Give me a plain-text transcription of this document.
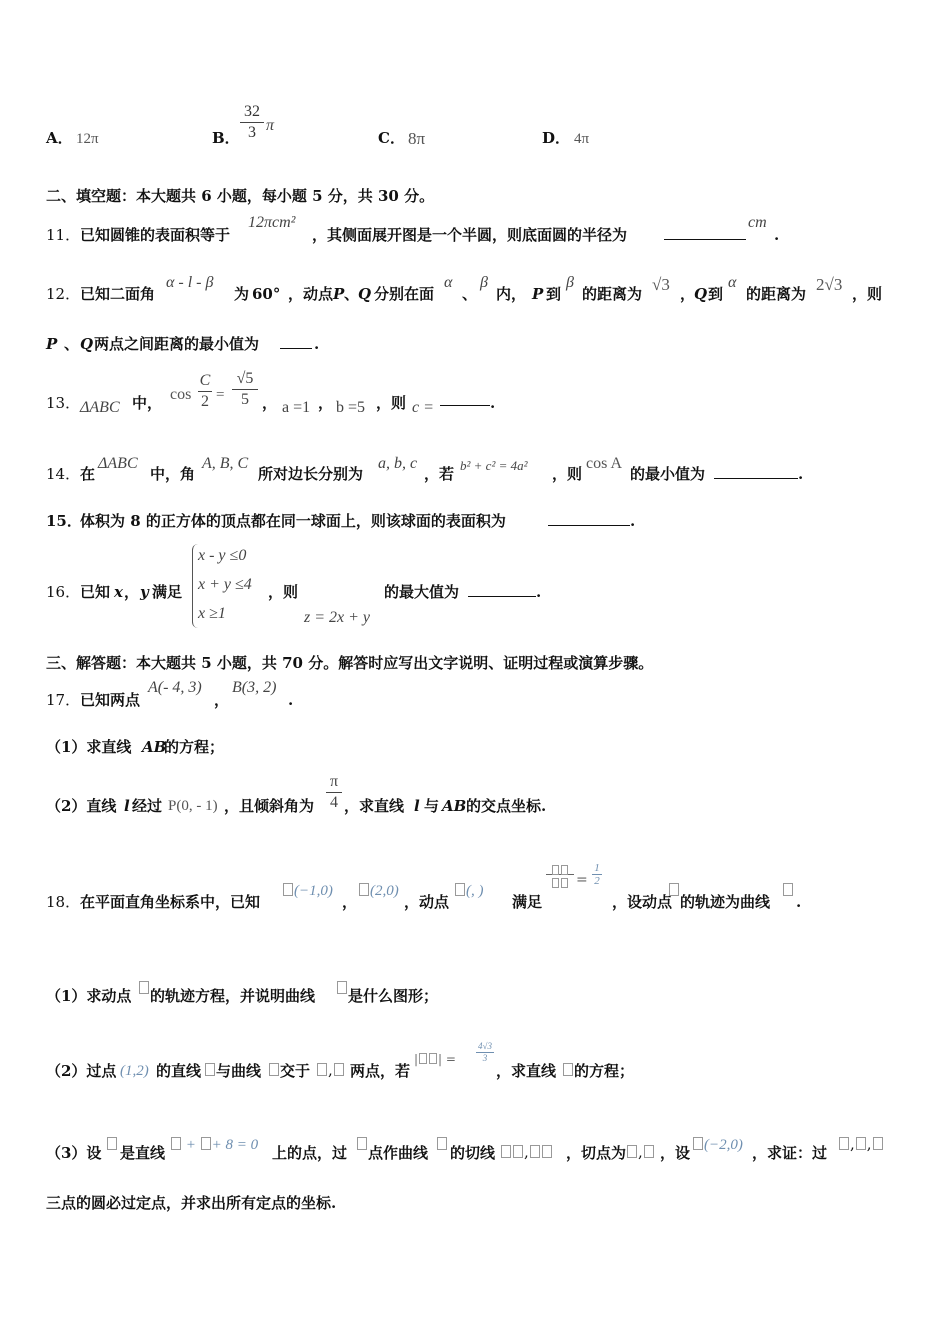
A． 12π	B． $\frac{32}{3}$ π
C． 8π	D． 4π
二、填空题：本大题共 6 小题，每小题 5 分，共 30 分。
11． 已知圆锥的表面积等于
12πcm²
，其侧面展开图是一个半圆，则底面圆的半径为
cm
.
12． 已知二面角
α - l - β
为 60° ，动点 P 、
Q 分别在面
α
、
β
内， P 到
β
的距离为 √3 ，
Q 到
α
的距离为 2√3 ，则
P 、 Q 两点之间距离的最小值为	.
13． ΔABC 中， $\cos \frac{C}{2}$ =
√5
5 ， a =1 ， b =5 ，则 c =	.
14． 在
ΔABC
中，角
A, B, C
所对边长分别为
a, b, c
，若 b² + c² = 4a² ，则
cos A
的最小值为	.
15．
体积为 8 的正方体的顶点都在同一球面上，则该球面的表面积为	.
16． 已知 x ， y 满足
x - y ≤0
x + y ≤4
x ≥1
，则
z = 2x + y
的最大值为	.
三、解答题：本大题共 5 小题，共 70 分。解答时应写出文字说明、证明过程或演算步骤。
17． 已知两点
A(- 4, 3)
，
B(3, 2)
.
（1）求直线 AB
的方程；
（2）直线 l 经过 P(0, - 1) ，且倾斜角为
π
4 ，求直线 l 与 AB 的交点坐标.
18． 在平面直角坐标系中，已知
(−1,0)
，
(2,0)
，动点
(, )
满足
= $\frac{1}{2}$
，设动点 的轨迹为曲线 .
（1）求动点 的轨迹方程，并说明曲线 是什么图形；
（2）过点 (1,2) 的直线 与曲线 交于	,	两点，若
| | = $\frac{4√3}{3}$
，求直线 的方程；
（3）设 是直线	+ + 8 = 0 上的点，过 点作曲线 的切线	,	，切点为 ,	，设 (−2,0) ，求证：过	, ,
三点的圆必过定点，并求出所有定点的坐标.
